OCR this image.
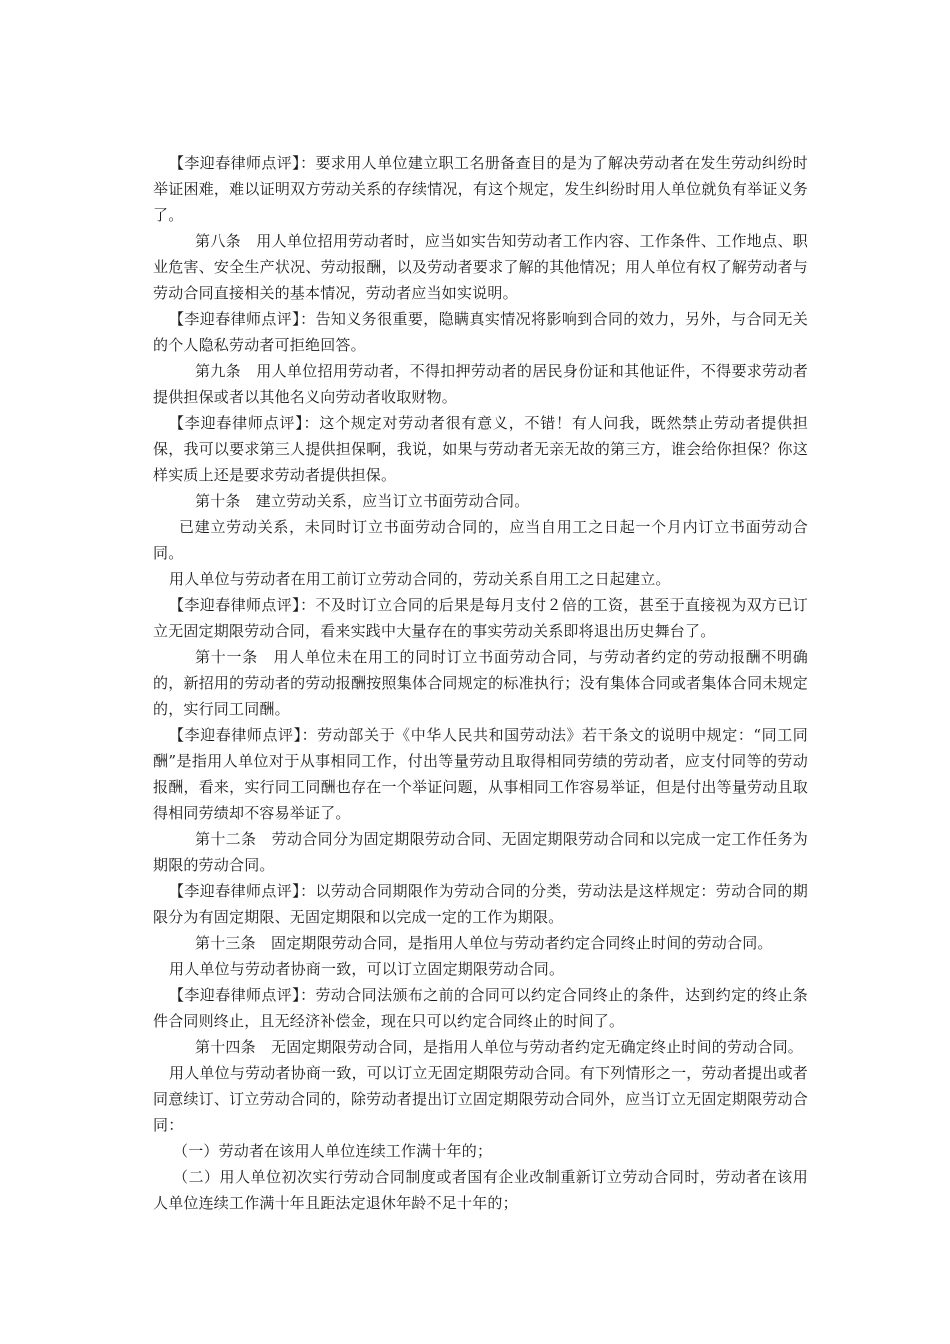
【李迎春律师点评】：要求用人单位建立职工名册备查目的是为了解决劳动者在发生劳动纠纷时举证困难，难以证明双方劳动关系的存续情况，有这个规定，发生纠纷时用人单位就负有举证义务了。

第八条　用人单位招用劳动者时，应当如实告知劳动者工作内容、工作条件、工作地点、职业危害、安全生产状况、劳动报酬，以及劳动者要求了解的其他情况；用人单位有权了解劳动者与劳动合同直接相关的基本情况，劳动者应当如实说明。

【李迎春律师点评】：告知义务很重要，隐瞒真实情况将影响到合同的效力，另外，与合同无关的个人隐私劳动者可拒绝回答。

第九条　用人单位招用劳动者，不得扣押劳动者的居民身份证和其他证件，不得要求劳动者提供担保或者以其他名义向劳动者收取财物。

【李迎春律师点评】：这个规定对劳动者很有意义，不错！有人问我，既然禁止劳动者提供担保，我可以要求第三人提供担保啊，我说，如果与劳动者无亲无故的第三方，谁会给你担保？你这样实质上还是要求劳动者提供担保。

第十条　建立劳动关系，应当订立书面劳动合同。

已建立劳动关系，未同时订立书面劳动合同的，应当自用工之日起一个月内订立书面劳动合同。

用人单位与劳动者在用工前订立劳动合同的，劳动关系自用工之日起建立。

【李迎春律师点评】：不及时订立合同的后果是每月支付２倍的工资，甚至于直接视为双方已订立无固定期限劳动合同，看来实践中大量存在的事实劳动关系即将退出历史舞台了。

第十一条　用人单位未在用工的同时订立书面劳动合同，与劳动者约定的劳动报酬不明确的，新招用的劳动者的劳动报酬按照集体合同规定的标准执行；没有集体合同或者集体合同未规定的，实行同工同酬。

【李迎春律师点评】：劳动部关于《中华人民共和国劳动法》若干条文的说明中规定：“同工同酬”是指用人单位对于从事相同工作，付出等量劳动且取得相同劳绩的劳动者，应支付同等的劳动报酬，看来，实行同工同酬也存在一个举证问题，从事相同工作容易举证，但是付出等量劳动且取得相同劳绩却不容易举证了。

第十二条　劳动合同分为固定期限劳动合同、无固定期限劳动合同和以完成一定工作任务为期限的劳动合同。

【李迎春律师点评】：以劳动合同期限作为劳动合同的分类，劳动法是这样规定：劳动合同的期限分为有固定期限、无固定期限和以完成一定的工作为期限。

第十三条　固定期限劳动合同，是指用人单位与劳动者约定合同终止时间的劳动合同。

用人单位与劳动者协商一致，可以订立固定期限劳动合同。

【李迎春律师点评】：劳动合同法颁布之前的合同可以约定合同终止的条件，达到约定的终止条件合同则终止，且无经济补偿金，现在只可以约定合同终止的时间了。

第十四条　无固定期限劳动合同，是指用人单位与劳动者约定无确定终止时间的劳动合同。

用人单位与劳动者协商一致，可以订立无固定期限劳动合同。有下列情形之一，劳动者提出或者同意续订、订立劳动合同的，除劳动者提出订立固定期限劳动合同外，应当订立无固定期限劳动合同：

（一）劳动者在该用人单位连续工作满十年的；

（二）用人单位初次实行劳动合同制度或者国有企业改制重新订立劳动合同时，劳动者在该用人单位连续工作满十年且距法定退休年龄不足十年的；
